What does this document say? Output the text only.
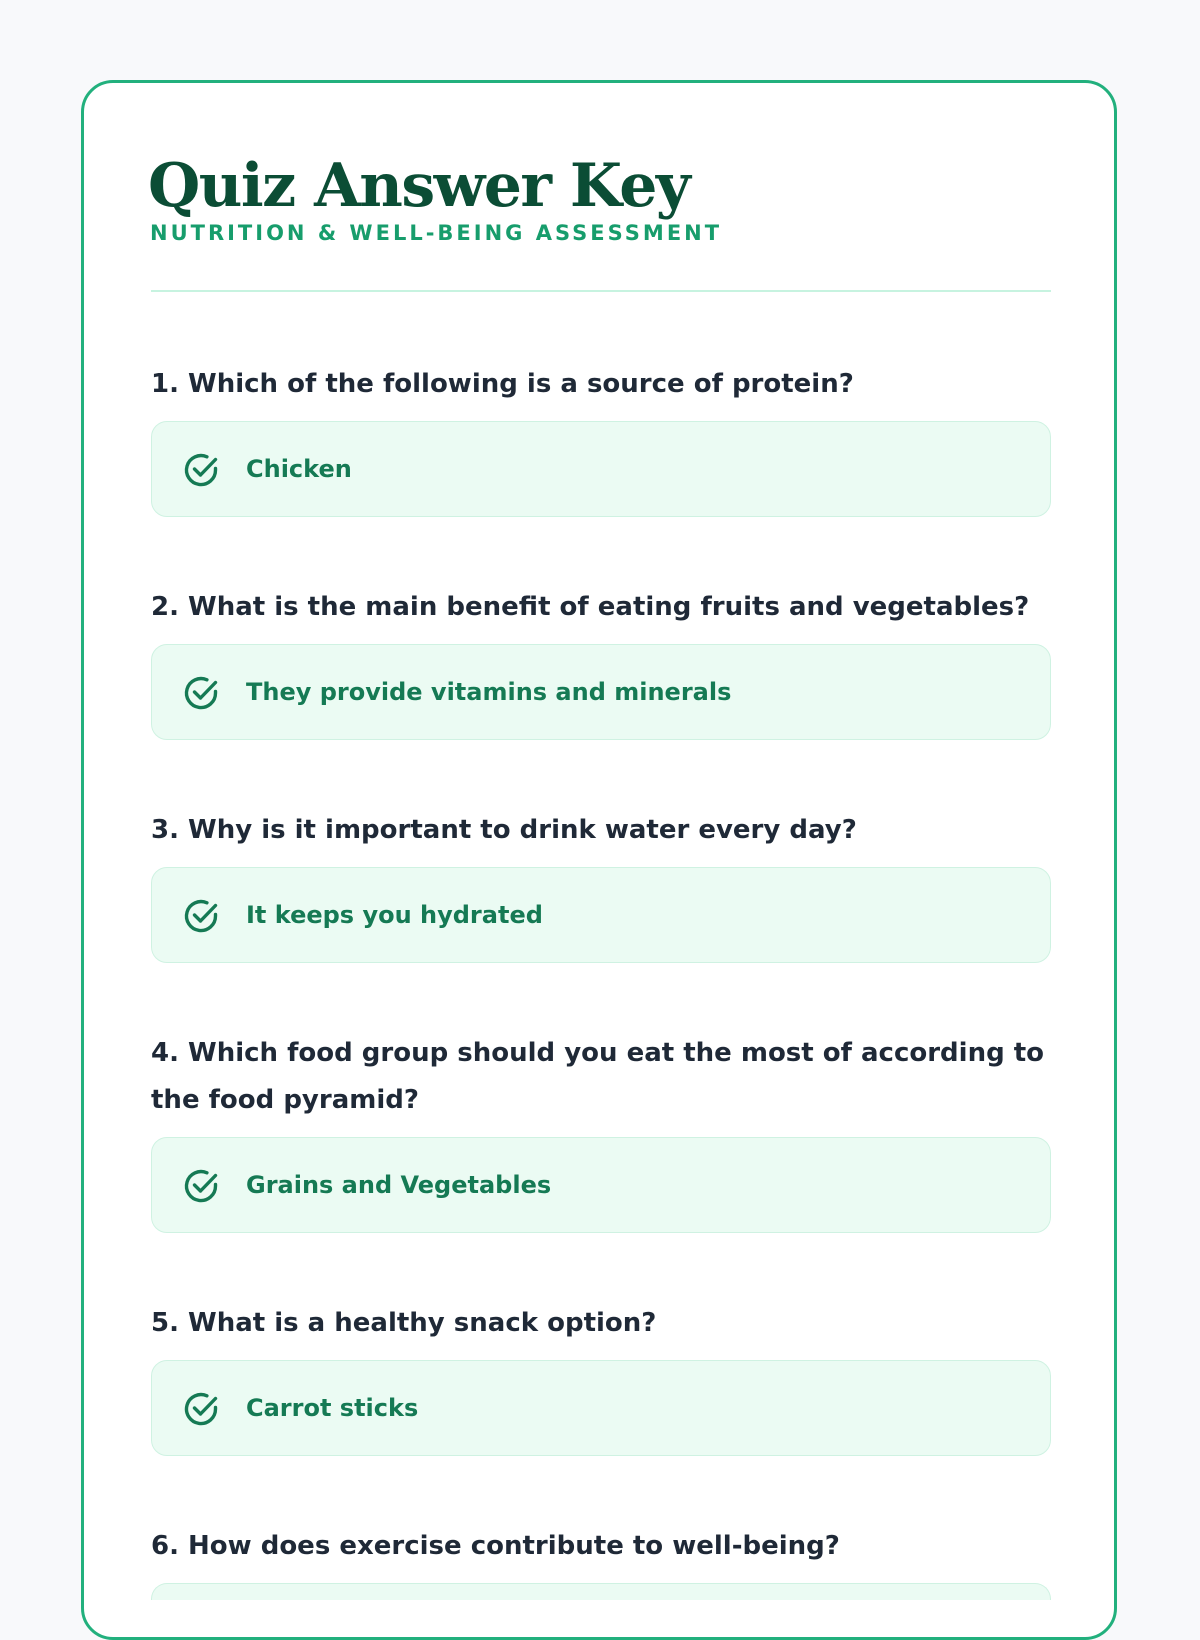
Quiz Answer Key
NUTRITION & WELL-BEING ASSESSMENT
1. Which of the following is a source of protein?
Chicken
2. What is the main benefit of eating fruits and vegetables?
They provide vitamins and minerals
3. Why is it important to drink water every day?
It keeps you hydrated
4. Which food group should you eat the most of according to
the food pyramid?
Grains and Vegetables
5. What is a healthy snack option?
Carrot sticks
6. How does exercise contribute to well-being?
